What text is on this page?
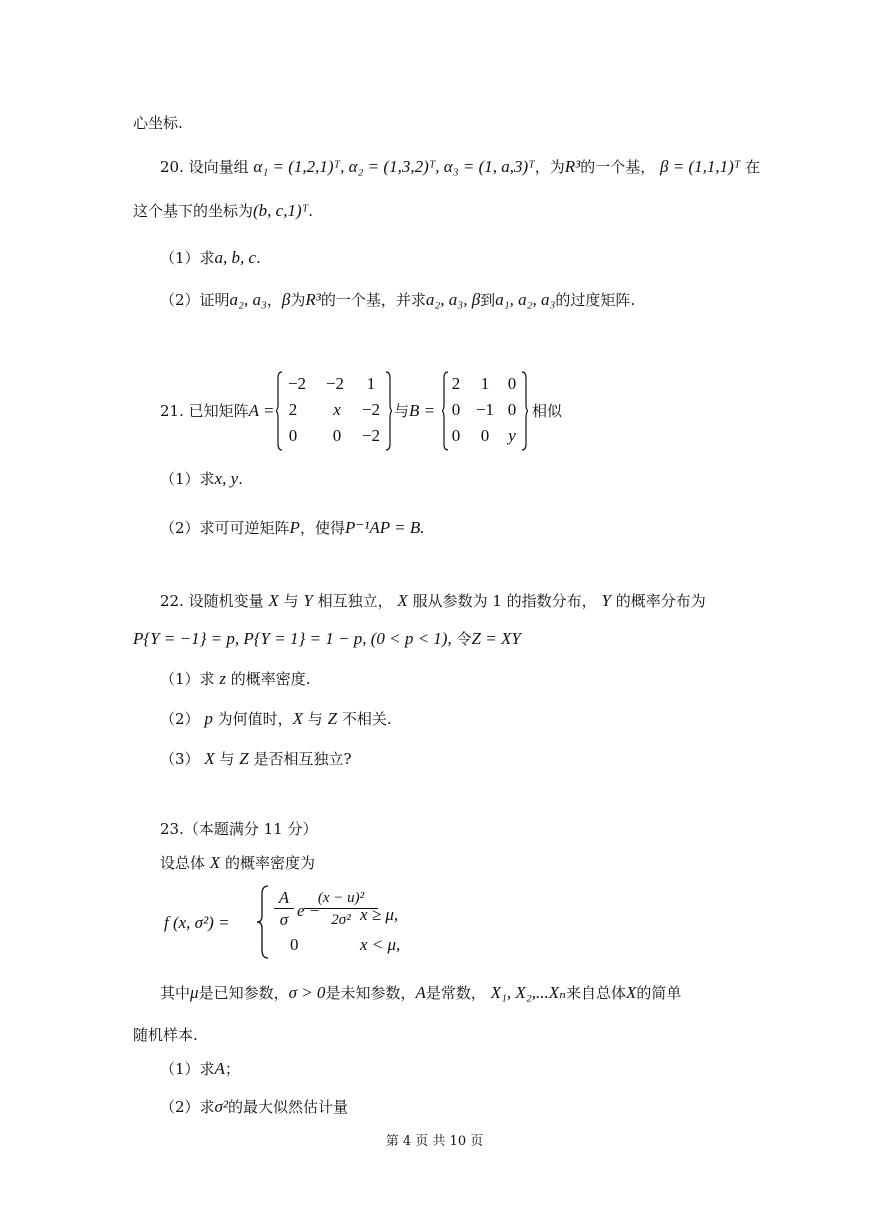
心坐标.
20. 设向量组 α₁ = (1,2,1)ᵀ, α₂ = (1,3,2)ᵀ, α₃ = (1, a,3)ᵀ，为R³的一个基， β = (1,1,1)ᵀ 在
这个基下的坐标为(b, c,1)ᵀ.
（1）求a, b, c.
（2）证明a₂, a₃，β为R³的一个基，并求a₂, a₃, β到a₁, a₂, a₃的过度矩阵.
21. 已知矩阵A =
−2	−2	1
2	x	−2
0	0	−2
与B =
2	1	0
0 −1 0
0	0	y
相似
（1）求x, y.
（2）求可可逆矩阵P，使得P⁻¹AP = B.
22. 设随机变量 X 与 Y 相互独立， X 服从参数为 1 的指数分布， Y 的概率分布为
P{Y = −1} = p, P{Y = 1} = 1 − p, (0 < p < 1), 令Z = XY
（1）求 z 的概率密度.
（2） p 为何值时，X 与 Z 不相关.
（3） X 与 Z 是否相互独立?
23.（本题满分 11 分）
设总体 X 的概率密度为
f (x, σ²) =	$\frac{A}{\sigma}$ e −
$\frac{\text{(x − u)²}}{\text{2σ²}}$
x ≥ μ,
0	x < μ,
其中μ是已知参数，σ > 0是未知参数，A是常数， X₁, X₂,...Xₙ来自总体X的简单
随机样本.
（1）求A；
（2）求σ²的最大似然估计量
第 4 页 共 10 页
